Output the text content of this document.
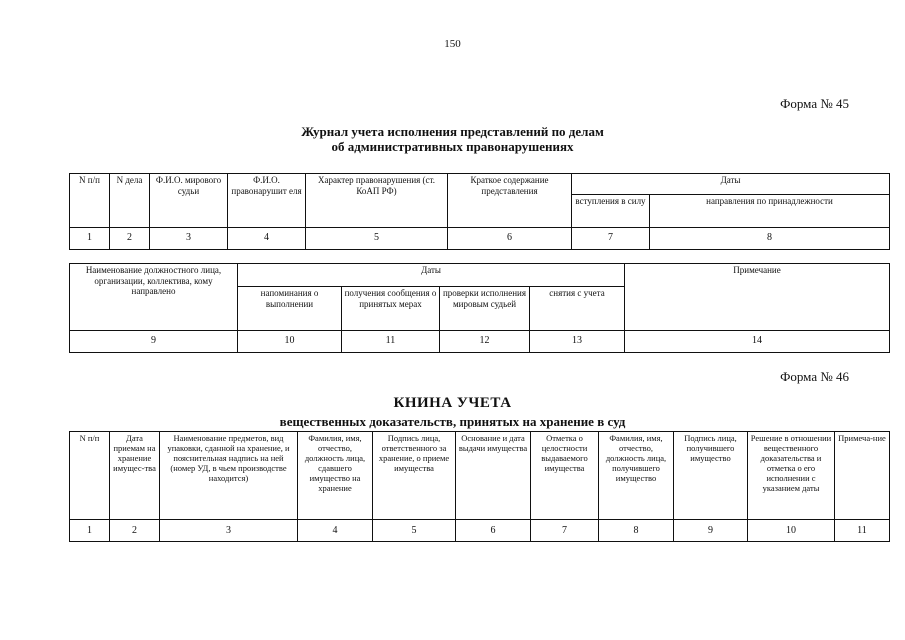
150
Форма № 45
Журнал учета исполнения представлений по делам
об административных правонарушениях
N п/п	N дела	Ф.И.О. мирового судьи	Ф.И.О. правонарушит еля	Характер правонарушения (ст. КоАП РФ)	Краткое содержание представления	Даты	
						вступления в силу	направления по принадлежности
1	2	3	4	5	6	7	8
Наименование должностного лица, организации, коллектива, кому направлено	Даты				Примечание
	напоминания о выполнении	получения сообщения о принятых мерах	проверки исполнения мировым судьей	снятия с учета	
9	10	11	12	13	14
Форма № 46
КНИНА УЧЕТА
вещественных доказательств, принятых на хранение в суд
N п/п	Дата приемам на хранение имущес-тва	Наименование предметов, вид упаковки, сданной на хранение, и пояснительная надпись на ней (номер УД, в чьем производстве находится)	Фамилия, имя, отчество, должность лица, сдавшего имущество на хранение	Подпись лица, ответственного за хранение, о приеме имущества	Основание и дата выдачи имущества	Отметка о целостности выдаваемого имущества	Фамилия, имя, отчество, должность лица, получившего имущество	Подпись лица, получившего имущество	Решение в отношении вещественного доказательства и отметка о его исполнении с указанием даты	Примеча-ние
1	2	3	4	5	6	7	8	9	10	11
